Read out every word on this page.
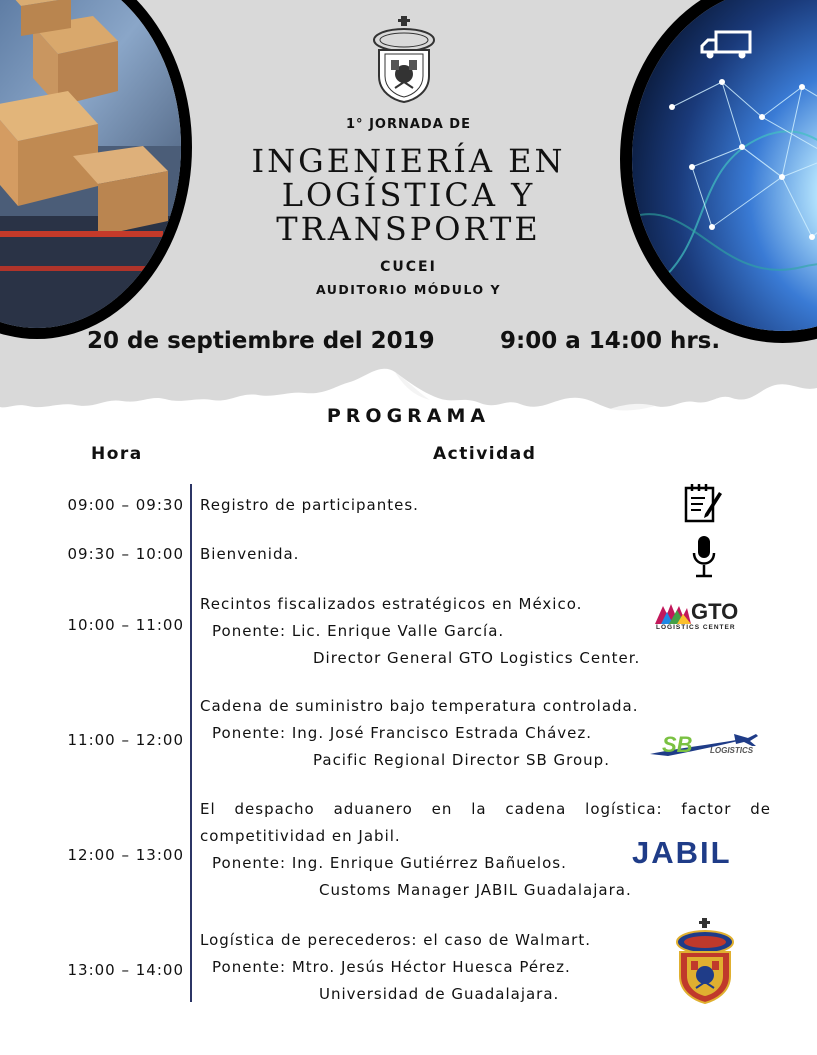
1° JORNADA DE
INGENIERÍA EN
LOGÍSTICA Y
TRANSPORTE
CUCEI
AUDITORIO MÓDULO Y
20 de septiembre del 2019	9:00 a 14:00 hrs.
PROGRAMA
Hora	Actividad
09:00 – 09:30 Registro de participantes.
09:30 – 10:00 Bienvenida.
10:00 – 11:00
Recintos fiscalizados estratégicos en México.
Ponente: Lic. Enrique Valle García.
Director General GTO Logistics Center.
GTO
LOGISTICS CENTER
11:00 – 12:00
Cadena de suministro bajo temperatura controlada.
Ponente: Ing. José Francisco Estrada Chávez.
Pacific Regional Director SB Group.
SB LOGISTICS
12:00 – 13:00
El despacho aduanero en la cadena logística: factor de
competitividad en Jabil.
Ponente: Ing. Enrique Gutiérrez Bañuelos.
Customs Manager JABIL Guadalajara.
JABIL
13:00 – 14:00
Logística de perecederos: el caso de Walmart.
Ponente: Mtro. Jesús Héctor Huesca Pérez.
Universidad de Guadalajara.
